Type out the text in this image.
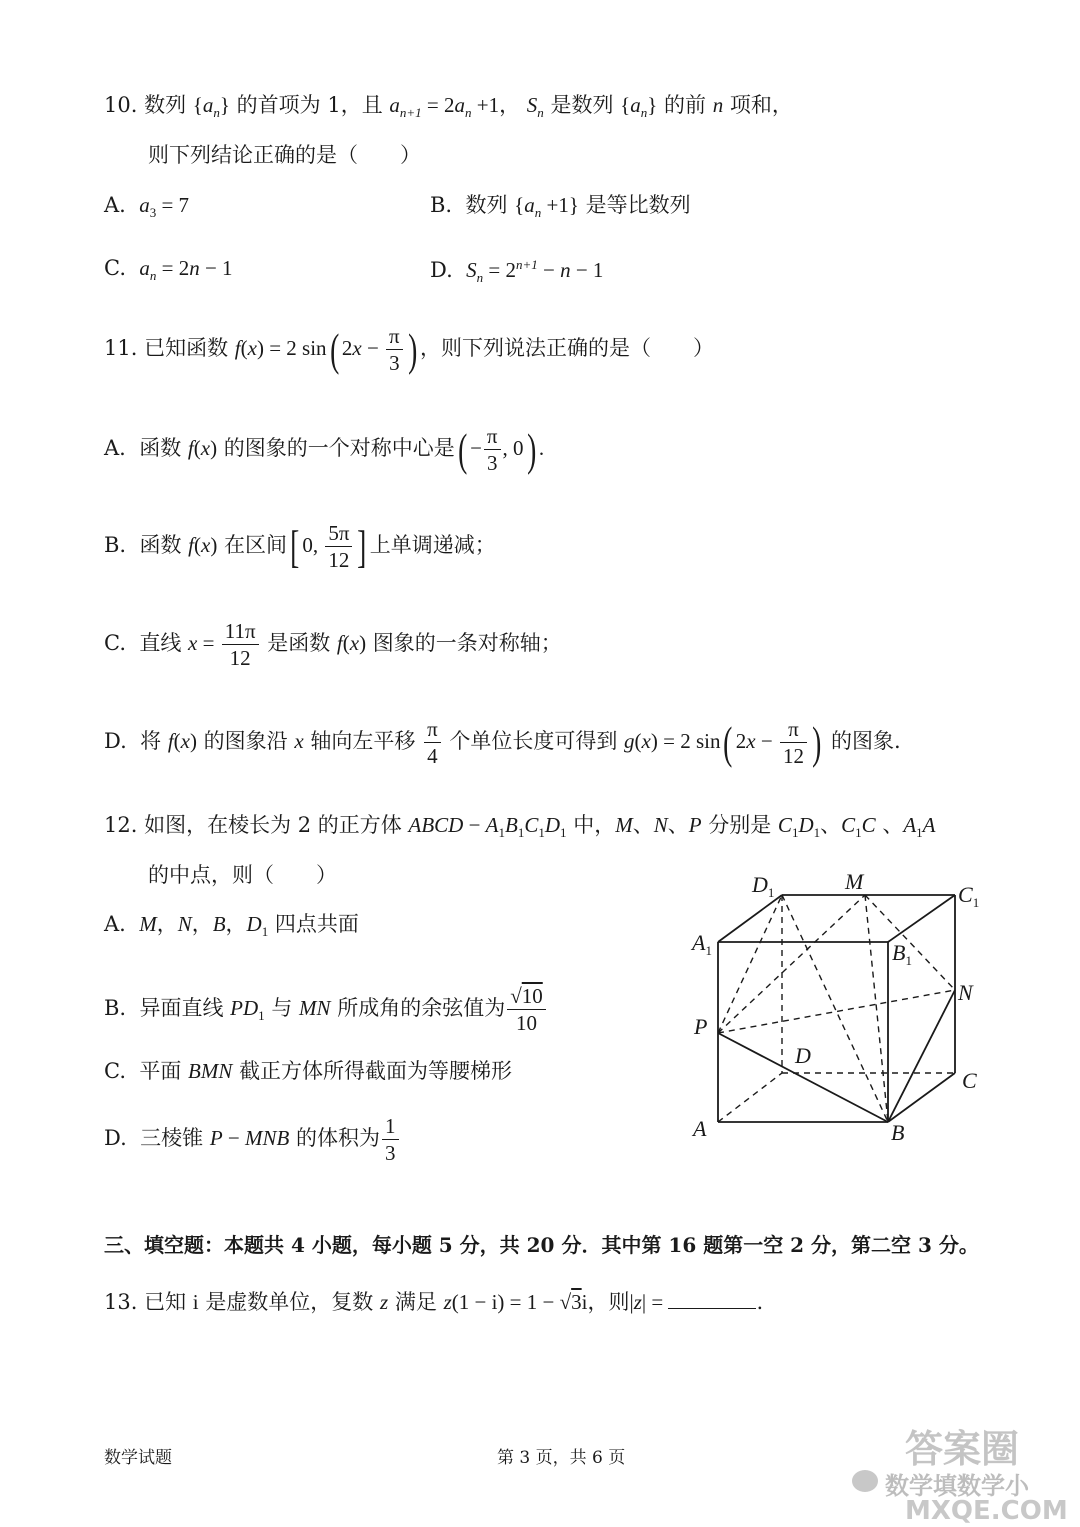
10. 数列 $\{a_n\}$ 的首项为 1，且 $a_{n+1} = 2a_n +1$， $S_n$ 是数列 $\{a_n\}$ 的前 n 项和，
则下列结论正确的是（　　）
A. $a_3 = 7$	B. 数列 $\{a_n +1\}$ 是等比数列
C. $a_n = 2n - 1$	D. $S_n = 2^{n+1} - n - 1$
11. 已知函数 f(x) = 2 sin( $2x - \frac{\pi}{3}$ ) ，则下列说法正确的是（　　）
A. 函数 f(x) 的图象的一个对称中心是( − $\frac{\pi}{3}$ , 0) .
B. 函数 f(x) 在区间[ 0, $\frac{5\pi}{12}$ ] 上单调递减；
C. 直线 $x = \frac{11\pi}{12}$ 是函数 f(x) 图象的一条对称轴；
D. 将 f(x) 的图象沿 x 轴向左平移 $\frac{\pi}{4}$ 个单位长度可得到 g(x) = 2 sin( $2x - \frac{\pi}{12}$ ) 的图象.
12. 如图，在棱长为 2 的正方体 ABCD − $A_1B_1C_1D_1$ 中，M、N、P 分别是 $C_1D_1$、$C_1C$ 、$A_1A$
的中点，则（　　）
A. M，N，B，$D_1$ 四点共面
B. 异面直线 $PD_1$ 与 MN 所成角的余弦值为 $\frac{√10}{10}$
C. 平面 BMN 截正方体所得截面为等腰梯形
D. 三棱锥 P − MNB 的体积为 $\frac{1}{3}$
$D_1$	M
$C_1$
$A_1$	$B_1$
N
P
D
C
A	B
三、填空题：本题共 4 小题，每小题 5 分，共 20 分．其中第 16 题第一空 2 分，第二空 3 分。
13. 已知 i 是虚数单位，复数 z 满足 z(1 − i) = 1 − √3i，则|z| =	.
数学试题	第 3 页，共 6 页	答案圈
数学填数学小
MXQE.COM
